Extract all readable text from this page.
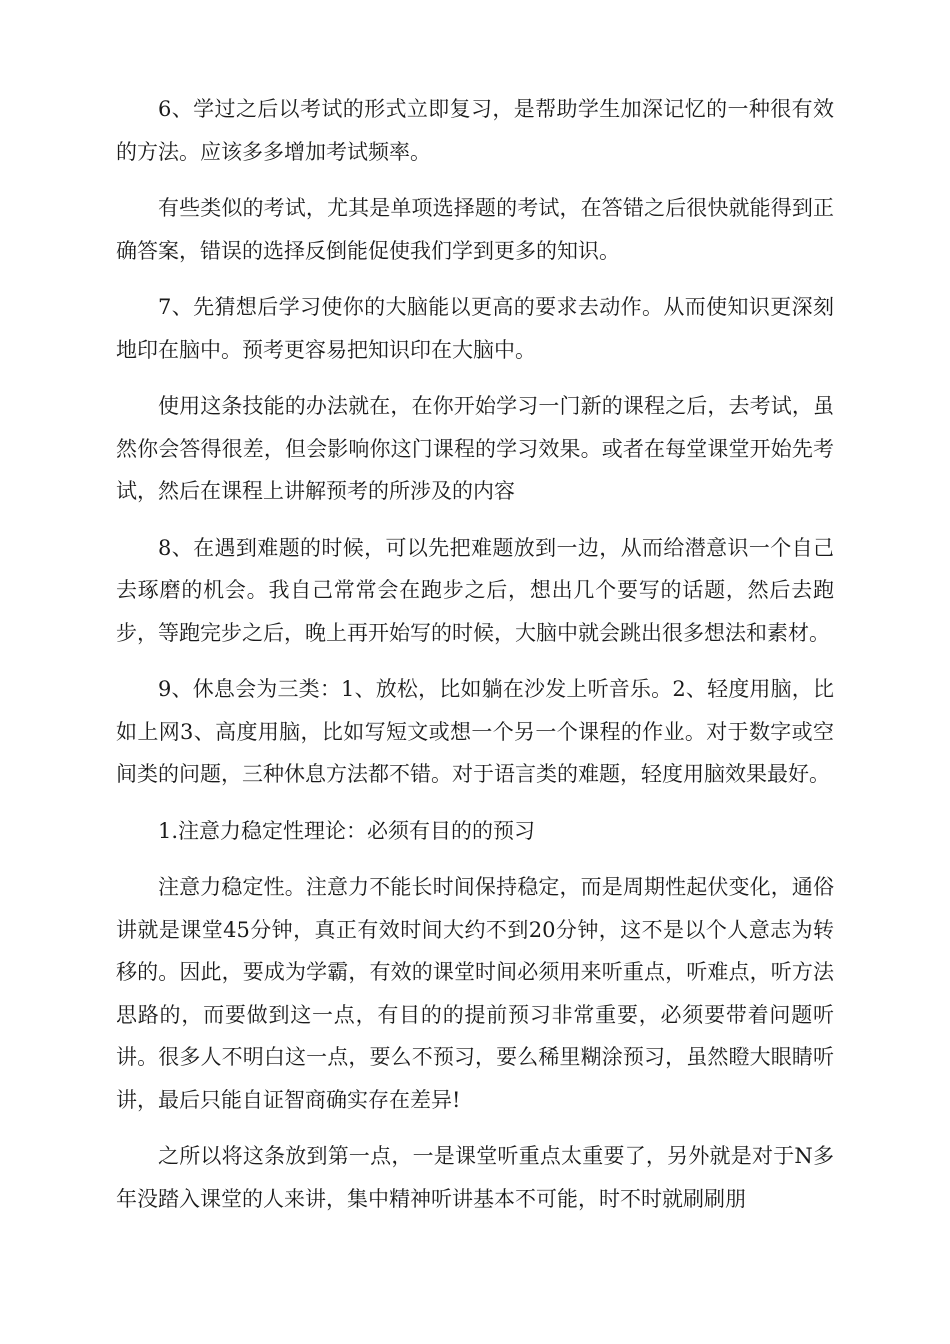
6、学过之后以考试的形式立即复习，是帮助学生加深记忆的一种很有效的方法。应该多多增加考试频率。

有些类似的考试，尤其是单项选择题的考试，在答错之后很快就能得到正确答案，错误的选择反倒能促使我们学到更多的知识。

7、先猜想后学习使你的大脑能以更高的要求去动作。从而使知识更深刻地印在脑中。预考更容易把知识印在大脑中。

使用这条技能的办法就在，在你开始学习一门新的课程之后，去考试，虽然你会答得很差，但会影响你这门课程的学习效果。或者在每堂课堂开始先考试，然后在课程上讲解预考的所涉及的内容

8、在遇到难题的时候，可以先把难题放到一边，从而给潜意识一个自己去琢磨的机会。我自己常常会在跑步之后，想出几个要写的话题，然后去跑步，等跑完步之后，晚上再开始写的时候，大脑中就会跳出很多想法和素材。

9、休息会为三类：1、放松，比如躺在沙发上听音乐。2、轻度用脑，比如上网3、高度用脑，比如写短文或想一个另一个课程的作业。对于数字或空间类的问题，三种休息方法都不错。对于语言类的难题，轻度用脑效果最好。

1.注意力稳定性理论：必须有目的的预习

注意力稳定性。注意力不能长时间保持稳定，而是周期性起伏变化，通俗讲就是课堂45分钟，真正有效时间大约不到20分钟，这不是以个人意志为转移的。因此，要成为学霸，有效的课堂时间必须用来听重点，听难点，听方法思路的，而要做到这一点，有目的的提前预习非常重要，必须要带着问题听讲。很多人不明白这一点，要么不预习，要么稀里糊涂预习，虽然瞪大眼睛听讲，最后只能自证智商确实存在差异!

之所以将这条放到第一点，一是课堂听重点太重要了，另外就是对于N多年没踏入课堂的人来讲，集中精神听讲基本不可能，时不时就刷刷朋
